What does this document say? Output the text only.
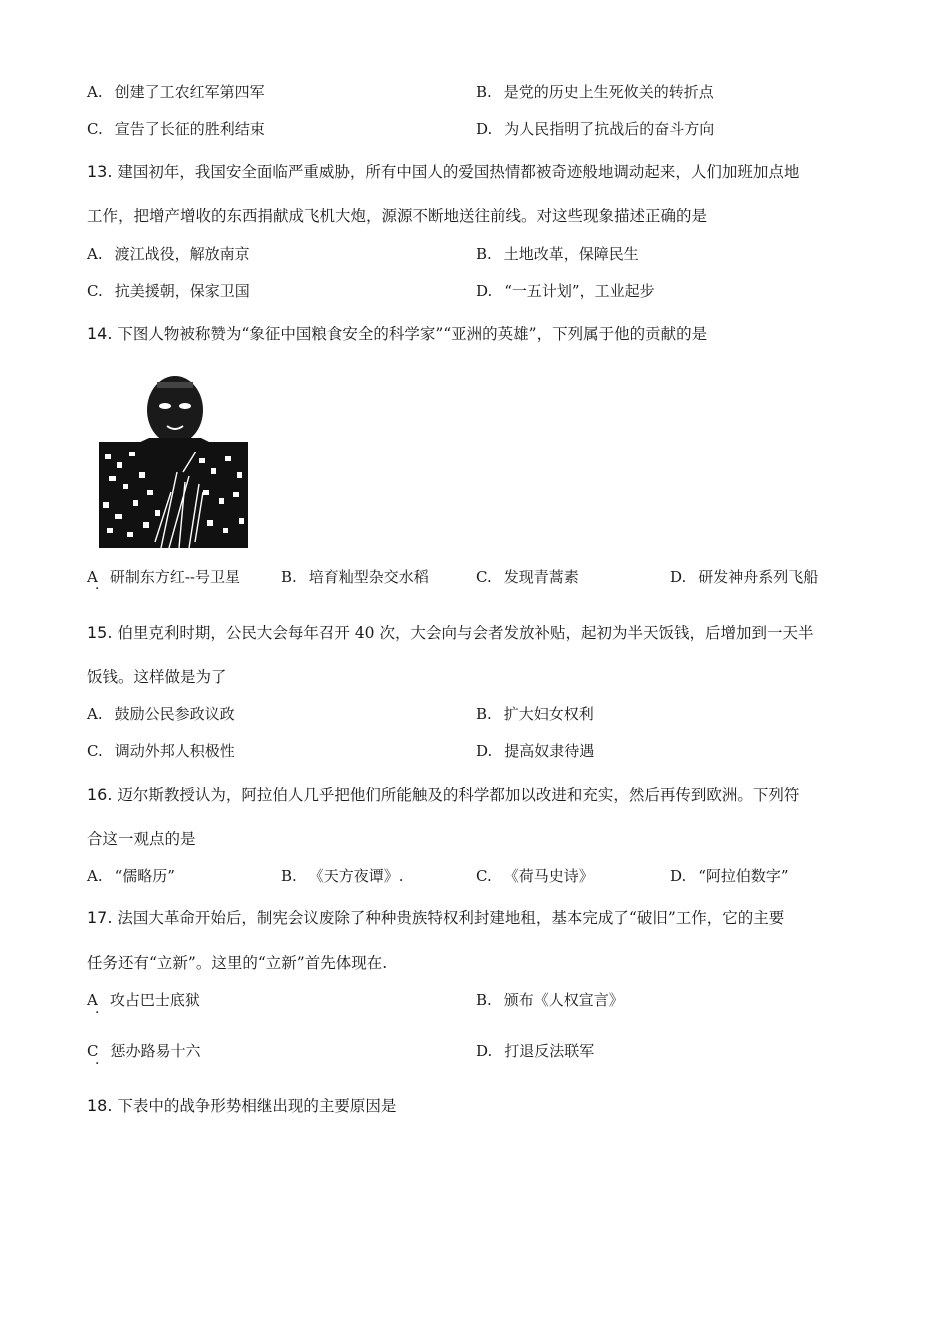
A. 创建了工农红军第四军	B. 是党的历史上生死攸关的转折点
C. 宣告了长征的胜利结束	D. 为人民指明了抗战后的奋斗方向
13. 建国初年，我国安全面临严重威胁，所有中国人的爱国热情都被奇迹般地调动起来，人们加班加点地
工作，把增产增收的东西捐献成飞机大炮，源源不断地送往前线。对这些现象描述正确的是
A. 渡江战役，解放南京	B. 土地改革，保障民生
C. 抗美援朝，保家卫国	D. “一五计划”，工业起步
14. 下图人物被称赞为“象征中国粮食安全的科学家”“亚洲的英雄”，下列属于他的贡献的是
A 研制东方红--号卫星
·
B. 培育籼型杂交水稻	C. 发现青蒿素	D. 研发神舟系列飞船
15. 伯里克利时期，公民大会每年召开 40 次，大会向与会者发放补贴，起初为半天饭钱，后增加到一天半
饭钱。这样做是为了
A. 鼓励公民参政议政	B. 扩大妇女权利
C. 调动外邦人积极性	D. 提高奴隶待遇
16. 迈尔斯教授认为，阿拉伯人几乎把他们所能触及的科学都加以改进和充实，然后再传到欧洲。下列符
合这一观点的是
A. “儒略历”	B. 《天方夜谭》.	C. 《荷马史诗》	D. “阿拉伯数字”
17. 法国大革命开始后，制宪会议废除了种种贵族特权利封建地租，基本完成了“破旧”工作，它的主要
任务还有“立新”。这里的“立新”首先体现在.
A 攻占巴士底狱
·
B. 颁布《人权宣言》
C 惩办路易十六
·
D. 打退反法联军
18. 下表中的战争形势相继出现的主要原因是
